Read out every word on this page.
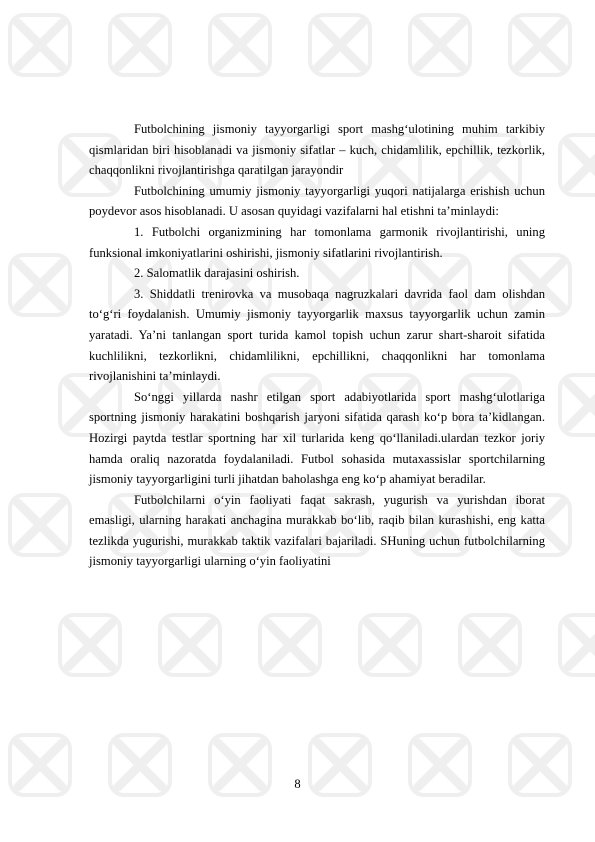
Futbolchining jismoniy tayyorgarligi sport mashg‘ulotining muhim tarkibiy qismlaridan biri hisoblanadi va jismoniy sifatlar – kuch, chidamlilik, epchillik, tezkorlik, chaqqonlikni rivojlantirishga qaratilgan jarayondir

Futbolchining umumiy jismoniy tayyorgarligi yuqori natijalarga erishish uchun poydevor asos hisoblanadi. U asosan quyidagi vazifalarni hal etishni ta’minlaydi:

1. Futbolchi organizmining har tomonlama garmonik rivojlantirishi, uning funksional imkoniyatlarini oshirishi, jismoniy sifatlarini rivojlantirish.

2. Salomatlik darajasini oshirish.

3. Shiddatli trenirovka va musobaqa nagruzkalari davrida faol dam olishdan to‘g‘ri foydalanish. Umumiy jismoniy tayyorgarlik maxsus tayyorgarlik uchun zamin yaratadi. Ya’ni tanlangan sport turida kamol topish uchun zarur shart-sharoit sifatida kuchlilikni, tezkorlikni, chidamlilikni, epchillikni, chaqqonlikni har tomonlama rivojlanishini ta’minlaydi.

So‘nggi yillarda nashr etilgan sport adabiyotlarida sport mashg‘ulotlariga sportning jismoniy harakatini boshqarish jaryoni sifatida qarash ko‘p bora ta’kidlangan. Hozirgi paytda testlar sportning har xil turlarida keng qo‘llaniladi.ulardan tezkor joriy hamda oraliq nazoratda foydalaniladi. Futbol sohasida mutaxassislar sportchilarning jismoniy tayyorgarligini turli jihatdan baholashga eng ko‘p ahamiyat beradilar.

Futbolchilarni o‘yin faoliyati faqat sakrash, yugurish va yurishdan iborat emasligi, ularning harakati anchagina murakkab bo‘lib, raqib bilan kurashishi, eng katta tezlikda yugurishi, murakkab taktik vazifalari bajariladi. SHuning uchun futbolchilarning jismoniy tayyorgarligi ularning o‘yin faoliyatini

8
